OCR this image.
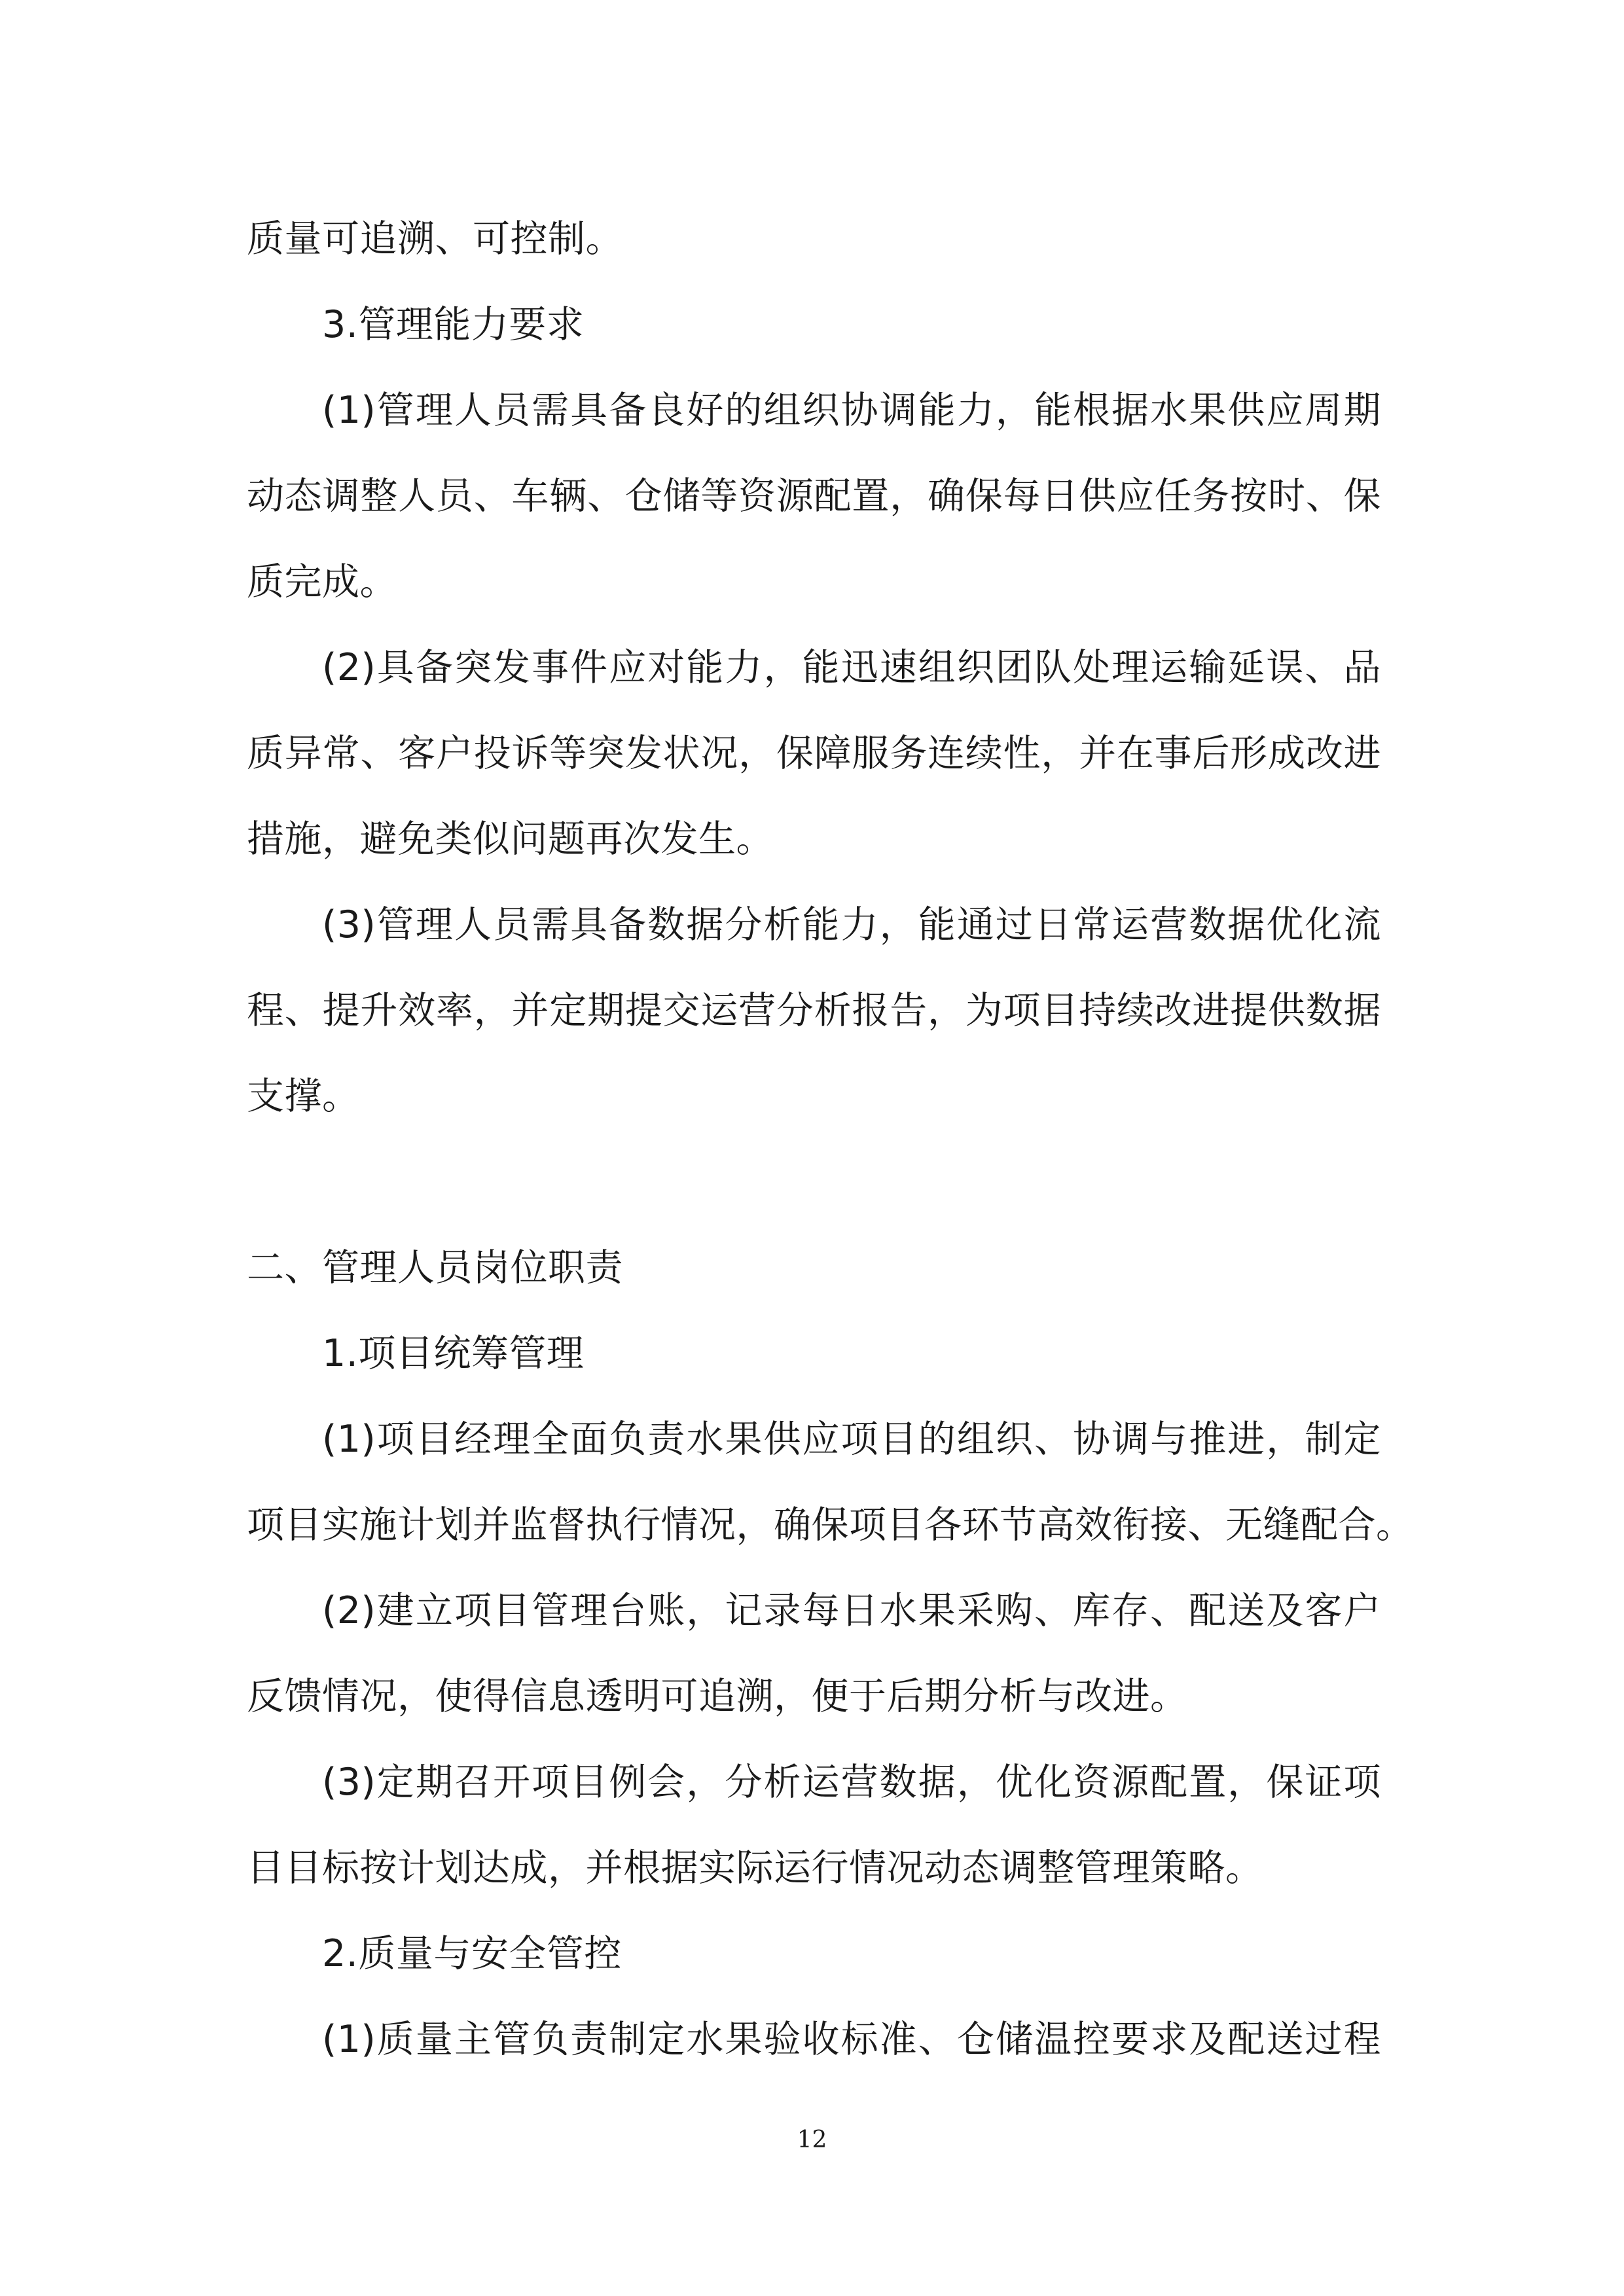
质量可追溯、可控制。

3.管理能力要求

(1)管理人员需具备良好的组织协调能力，能根据水果供应周期

动态调整人员、车辆、仓储等资源配置，确保每日供应任务按时、保

质完成。

(2)具备突发事件应对能力，能迅速组织团队处理运输延误、品

质异常、客户投诉等突发状况，保障服务连续性，并在事后形成改进

措施，避免类似问题再次发生。

(3)管理人员需具备数据分析能力，能通过日常运营数据优化流

程、提升效率，并定期提交运营分析报告，为项目持续改进提供数据

支撑。

二、管理人员岗位职责

1.项目统筹管理

(1)项目经理全面负责水果供应项目的组织、协调与推进，制定

项目实施计划并监督执行情况，确保项目各环节高效衔接、无缝配合。

(2)建立项目管理台账，记录每日水果采购、库存、配送及客户

反馈情况，使得信息透明可追溯，便于后期分析与改进。

(3)定期召开项目例会，分析运营数据，优化资源配置，保证项

目目标按计划达成，并根据实际运行情况动态调整管理策略。

2.质量与安全管控

(1)质量主管负责制定水果验收标准、仓储温控要求及配送过程

12
